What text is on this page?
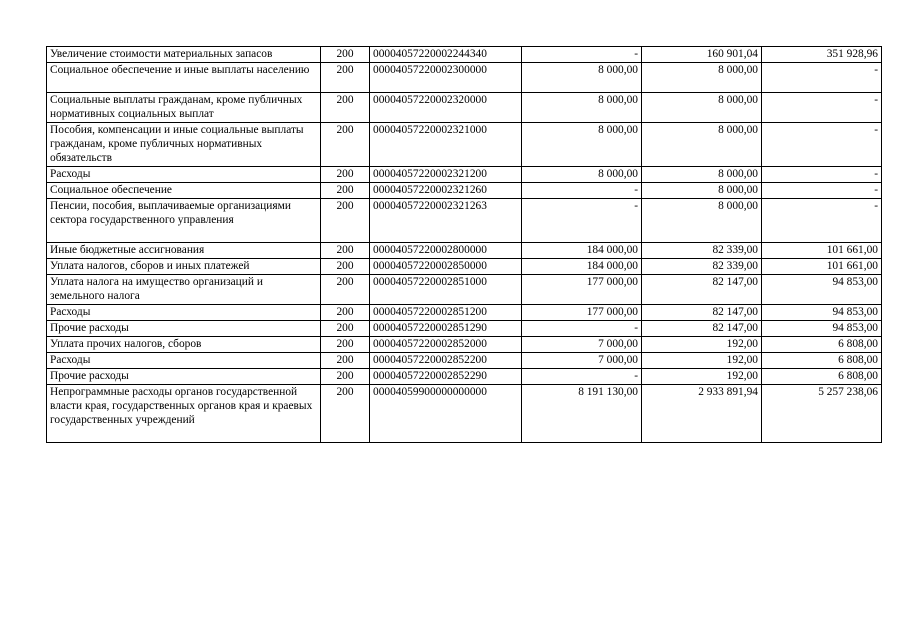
Увеличение стоимости материальных запасов	200	00004057220002244340	-	160 901,04	351 928,96
Социальное обеспечение и иные выплаты населению	200	00004057220002300000	8 000,00	8 000,00	-
Социальные выплаты гражданам, кроме публичных нормативных социальных выплат	200	00004057220002320000	8 000,00	8 000,00	-
Пособия, компенсации и иные социальные выплаты гражданам, кроме публичных нормативных обязательств	200	00004057220002321000	8 000,00	8 000,00	-
Расходы	200	00004057220002321200	8 000,00	8 000,00	-
Социальное обеспечение	200	00004057220002321260	-	8 000,00	-
Пенсии, пособия, выплачиваемые организациями сектора государственного управления	200	00004057220002321263	-	8 000,00	-
Иные бюджетные ассигнования	200	00004057220002800000	184 000,00	82 339,00	101 661,00
Уплата налогов, сборов и иных платежей	200	00004057220002850000	184 000,00	82 339,00	101 661,00
Уплата налога на имущество организаций и земельного налога	200	00004057220002851000	177 000,00	82 147,00	94 853,00
Расходы	200	00004057220002851200	177 000,00	82 147,00	94 853,00
Прочие расходы	200	00004057220002851290	-	82 147,00	94 853,00
Уплата прочих налогов, сборов	200	00004057220002852000	7 000,00	192,00	6 808,00
Расходы	200	00004057220002852200	7 000,00	192,00	6 808,00
Прочие расходы	200	00004057220002852290	-	192,00	6 808,00
Непрограммные расходы органов государственной власти края, государственных органов края и краевых государственных учреждений	200	00004059900000000000	8 191 130,00	2 933 891,94	5 257 238,06
